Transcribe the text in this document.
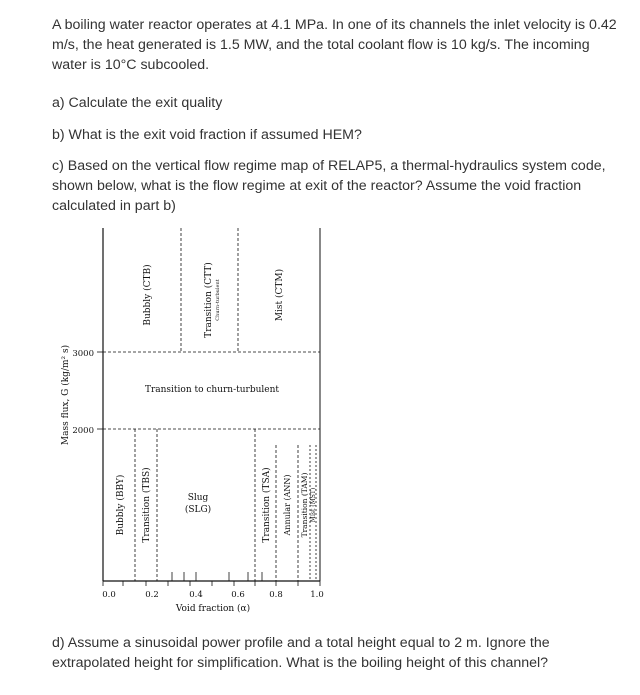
A boiling water reactor operates at 4.1 MPa. In one of its channels the inlet velocity is 0.42 m/s, the heat generated is 1.5 MW, and the total coolant flow is 10 kg/s. The incoming water is 10°C subcooled.
a) Calculate the exit quality
b) What is the exit void fraction if assumed HEM?
c) Based on the vertical flow regime map of RELAP5, a thermal-hydraulics system code, shown below, what is the flow regime at exit of the reactor? Assume the void fraction calculated in part b)
3000
2000
0.0	0.2	0.4	0.6	0.8	1.0
Void fraction (α)
Mass flux, G (kg/m² s)
Bubbly (CTB)	Transition (CTT) Churn-turbulent	Mist (CTM)
Transition to churn-turbulent
Bubbly (BBY) Transition (TBS)	Slug
(SLG)	Transition (TSA) Annular (ANN) Transition (TAM) Mist (MST)
d) Assume a sinusoidal power profile and a total height equal to 2 m. Ignore the extrapolated height for simplification. What is the boiling height of this channel?
